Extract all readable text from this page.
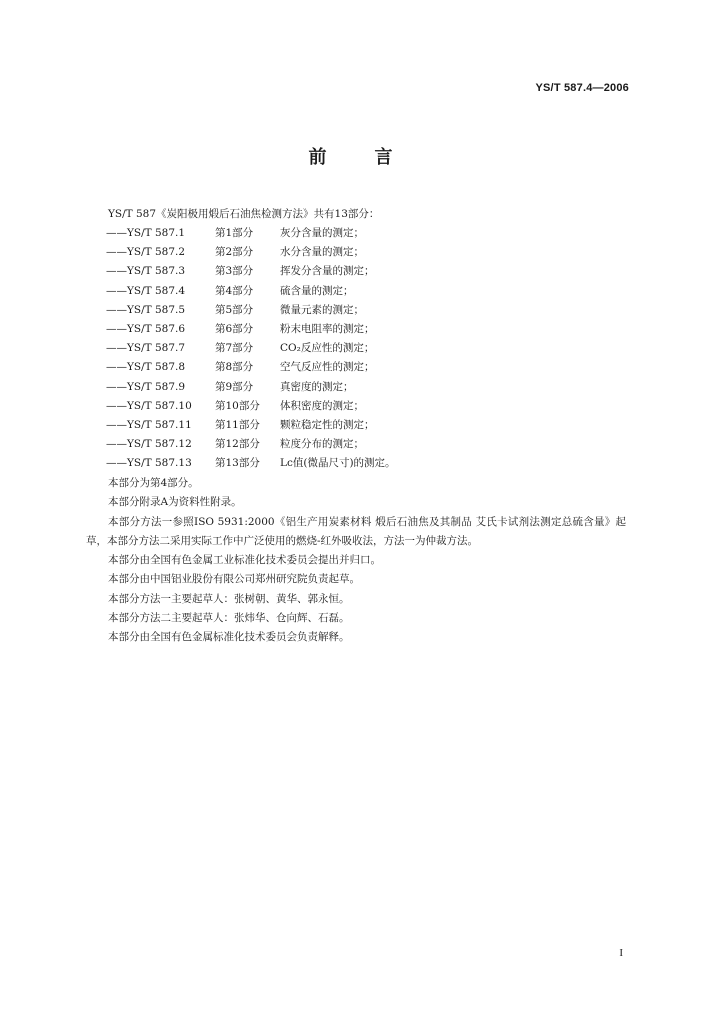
YS/T 587.4—2006
前	言
YS/T 587《炭阳极用煅后石油焦检测方法》共有13部分：
——YS/T 587.1	第1部分	灰分含量的测定；
——YS/T 587.2	第2部分	水分含量的测定；
——YS/T 587.3	第3部分	挥发分含量的测定；
——YS/T 587.4	第4部分	硫含量的测定；
——YS/T 587.5	第5部分	微量元素的测定；
——YS/T 587.6	第6部分	粉末电阻率的测定；
——YS/T 587.7	第7部分	CO₂反应性的测定；
——YS/T 587.8	第8部分	空气反应性的测定；
——YS/T 587.9	第9部分	真密度的测定；
——YS/T 587.10 第10部分 体积密度的测定；
——YS/T 587.11 第11部分 颗粒稳定性的测定；
——YS/T 587.12 第12部分 粒度分布的测定；
——YS/T 587.13 第13部分 Lc值(微晶尺寸)的测定。

本部分为第4部分。

本部分附录A为资料性附录。

本部分方法一参照ISO 5931:2000《铝生产用炭素材料 煅后石油焦及其制品 艾氏卡试剂法测定总硫含量》起草，本部分方法二采用实际工作中广泛使用的燃烧-红外吸收法，方法一为仲裁方法。

本部分由全国有色金属工业标准化技术委员会提出并归口。

本部分由中国铝业股份有限公司郑州研究院负责起草。

本部分方法一主要起草人：张树朝、黄华、郭永恒。

本部分方法二主要起草人：张炜华、仓向辉、石磊。

本部分由全国有色金属标准化技术委员会负责解释。

I
